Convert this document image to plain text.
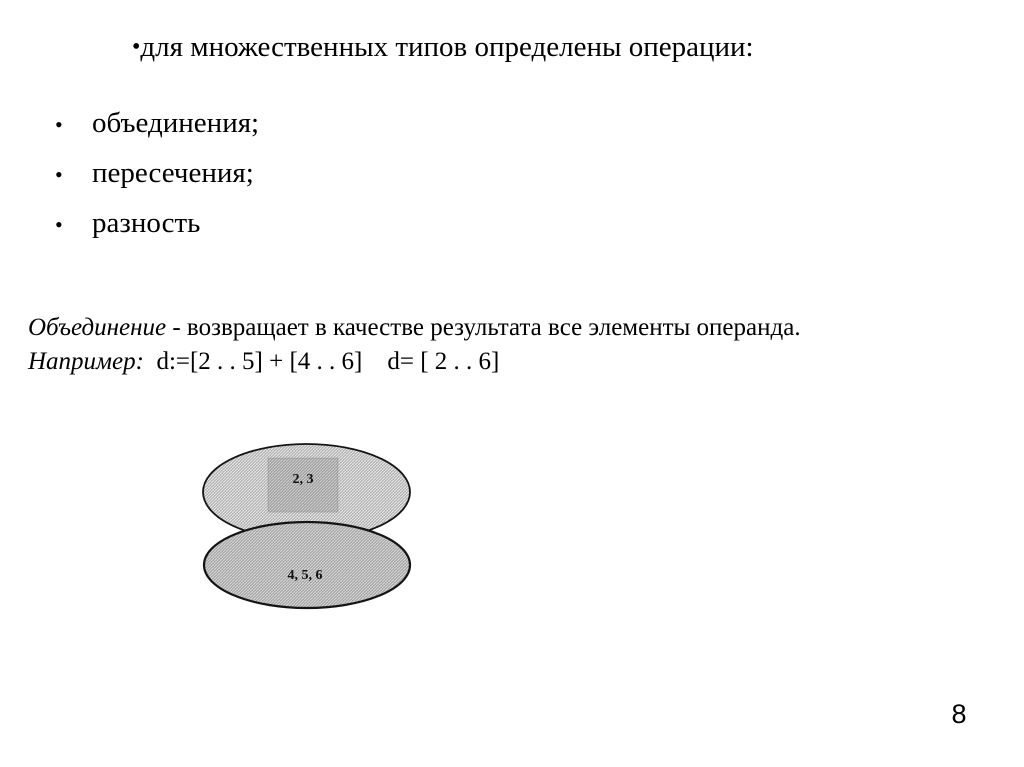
•для множественных типов определены операции:
•	объединения;
•	пересечения;
•	разность
Объединение - возвращает в качестве результата все элементы операнда.
Например:  d:=[2 . . 5] + [4 . . 6]    d= [ 2 . . 6]
2, 3
4, 5, 6
8
